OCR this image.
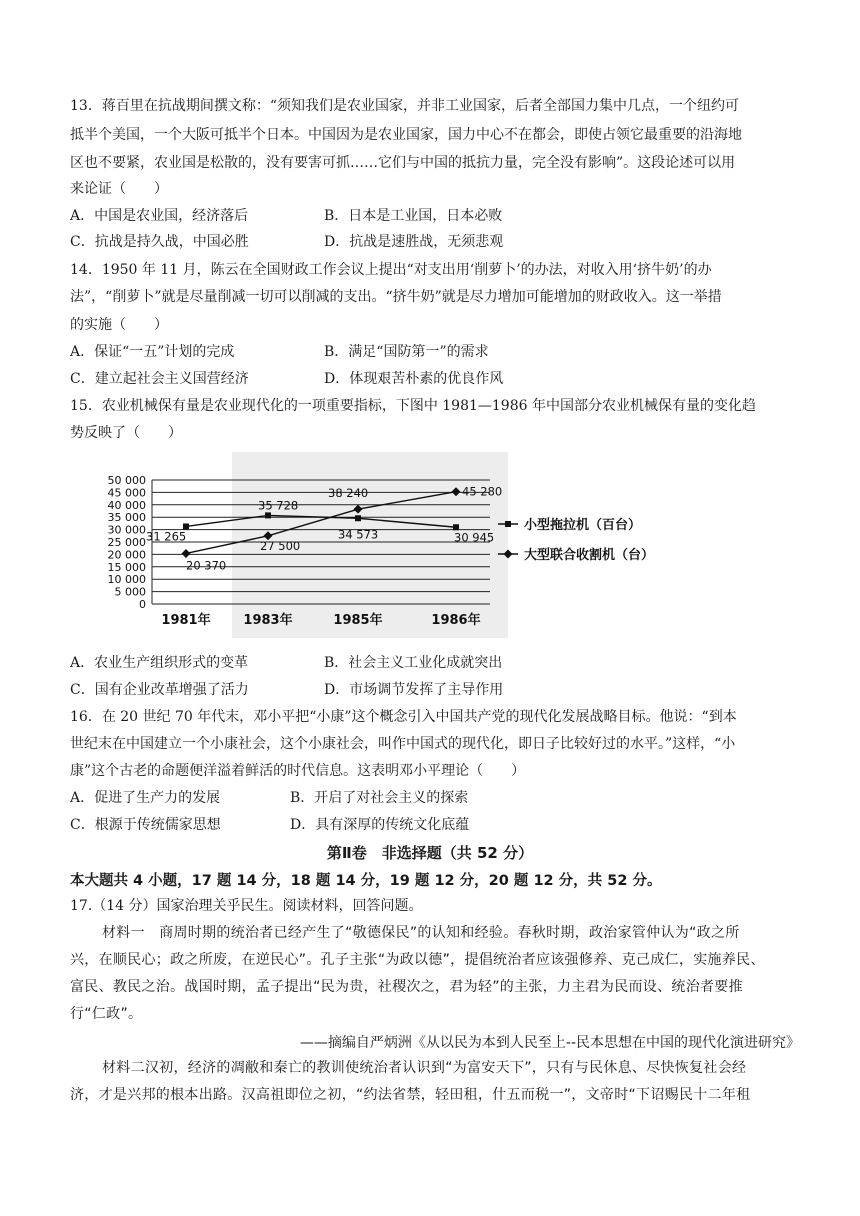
13．蒋百里在抗战期间撰文称：“须知我们是农业国家，并非工业国家，后者全部国力集中几点，一个纽约可
抵半个美国，一个大阪可抵半个日本。中国因为是农业国家，国力中心不在都会，即使占领它最重要的沿海地
区也不要紧，农业国是松散的，没有要害可抓……它们与中国的抵抗力量，完全没有影响”。这段论述可以用
来论证（　　）
A．中国是农业国，经济落后	B．日本是工业国，日本必败
C．抗战是持久战，中国必胜	D．抗战是速胜战，无须悲观
14．1950 年 11 月，陈云在全国财政工作会议上提出“对支出用‘削萝卜’的办法，对收入用‘挤牛奶’的办
法”，“削萝卜”就是尽量削减一切可以削减的支出。“挤牛奶”就是尽力增加可能增加的财政收入。这一举措
的实施（　　）
A．保证“一五”计划的完成	B．满足“国防第一”的需求
C．建立起社会主义国营经济	D．体现艰苦朴素的优良作风
15．农业机械保有量是农业现代化的一项重要指标，下图中 1981—1986 年中国部分农业机械保有量的变化趋
势反映了（　　）
50 000
45 000
40 000
35 000
30 000
25 000
20 000
15 000
10 000
5 000
0
1981年	1983年	1985年	1986年
31 265
35 728
34 573	30 945
20 370
27 500
38 240	45 280
小型拖拉机（百台）
大型联合收割机（台）
A．农业生产组织形式的变革	B．社会主义工业化成就突出
C．国有企业改革增强了活力	D．市场调节发挥了主导作用
16．在 20 世纪 70 年代末，邓小平把“小康”这个概念引入中国共产党的现代化发展战略目标。他说：“到本
世纪末在中国建立一个小康社会，这个小康社会，叫作中国式的现代化，即日子比较好过的水平。”这样，“小
康”这个古老的命题便洋溢着鲜活的时代信息。这表明邓小平理论（　　）
A．促进了生产力的发展	B．开启了对社会主义的探索
C．根源于传统儒家思想	D．具有深厚的传统文化底蕴
第Ⅱ卷　非选择题（共 52 分）
本大题共 4 小题，17 题 14 分，18 题 14 分，19 题 12 分，20 题 12 分，共 52 分。
17.（14 分）国家治理关乎民生。阅读材料，回答问题。
材料一　商周时期的统治者已经产生了“敬德保民”的认知和经验。春秋时期，政治家管仲认为“政之所
兴，在顺民心；政之所废，在逆民心”。孔子主张“为政以德”，提倡统治者应该强修养、克己成仁，实施养民、
富民、教民之治。战国时期，孟子提出“民为贵，社稷次之，君为轻”的主张，力主君为民而设、统治者要推
行“仁政”。
——摘编自严炳洲《从以民为本到人民至上--民本思想在中国的现代化演进研究》
材料二汉初，经济的凋敝和秦亡的教训使统治者认识到“为富安天下”，只有与民休息、尽快恢复社会经
济，才是兴邦的根本出路。汉高祖即位之初，“约法省禁，轻田租，什五而税一”，文帝时“下诏赐民十二年租
